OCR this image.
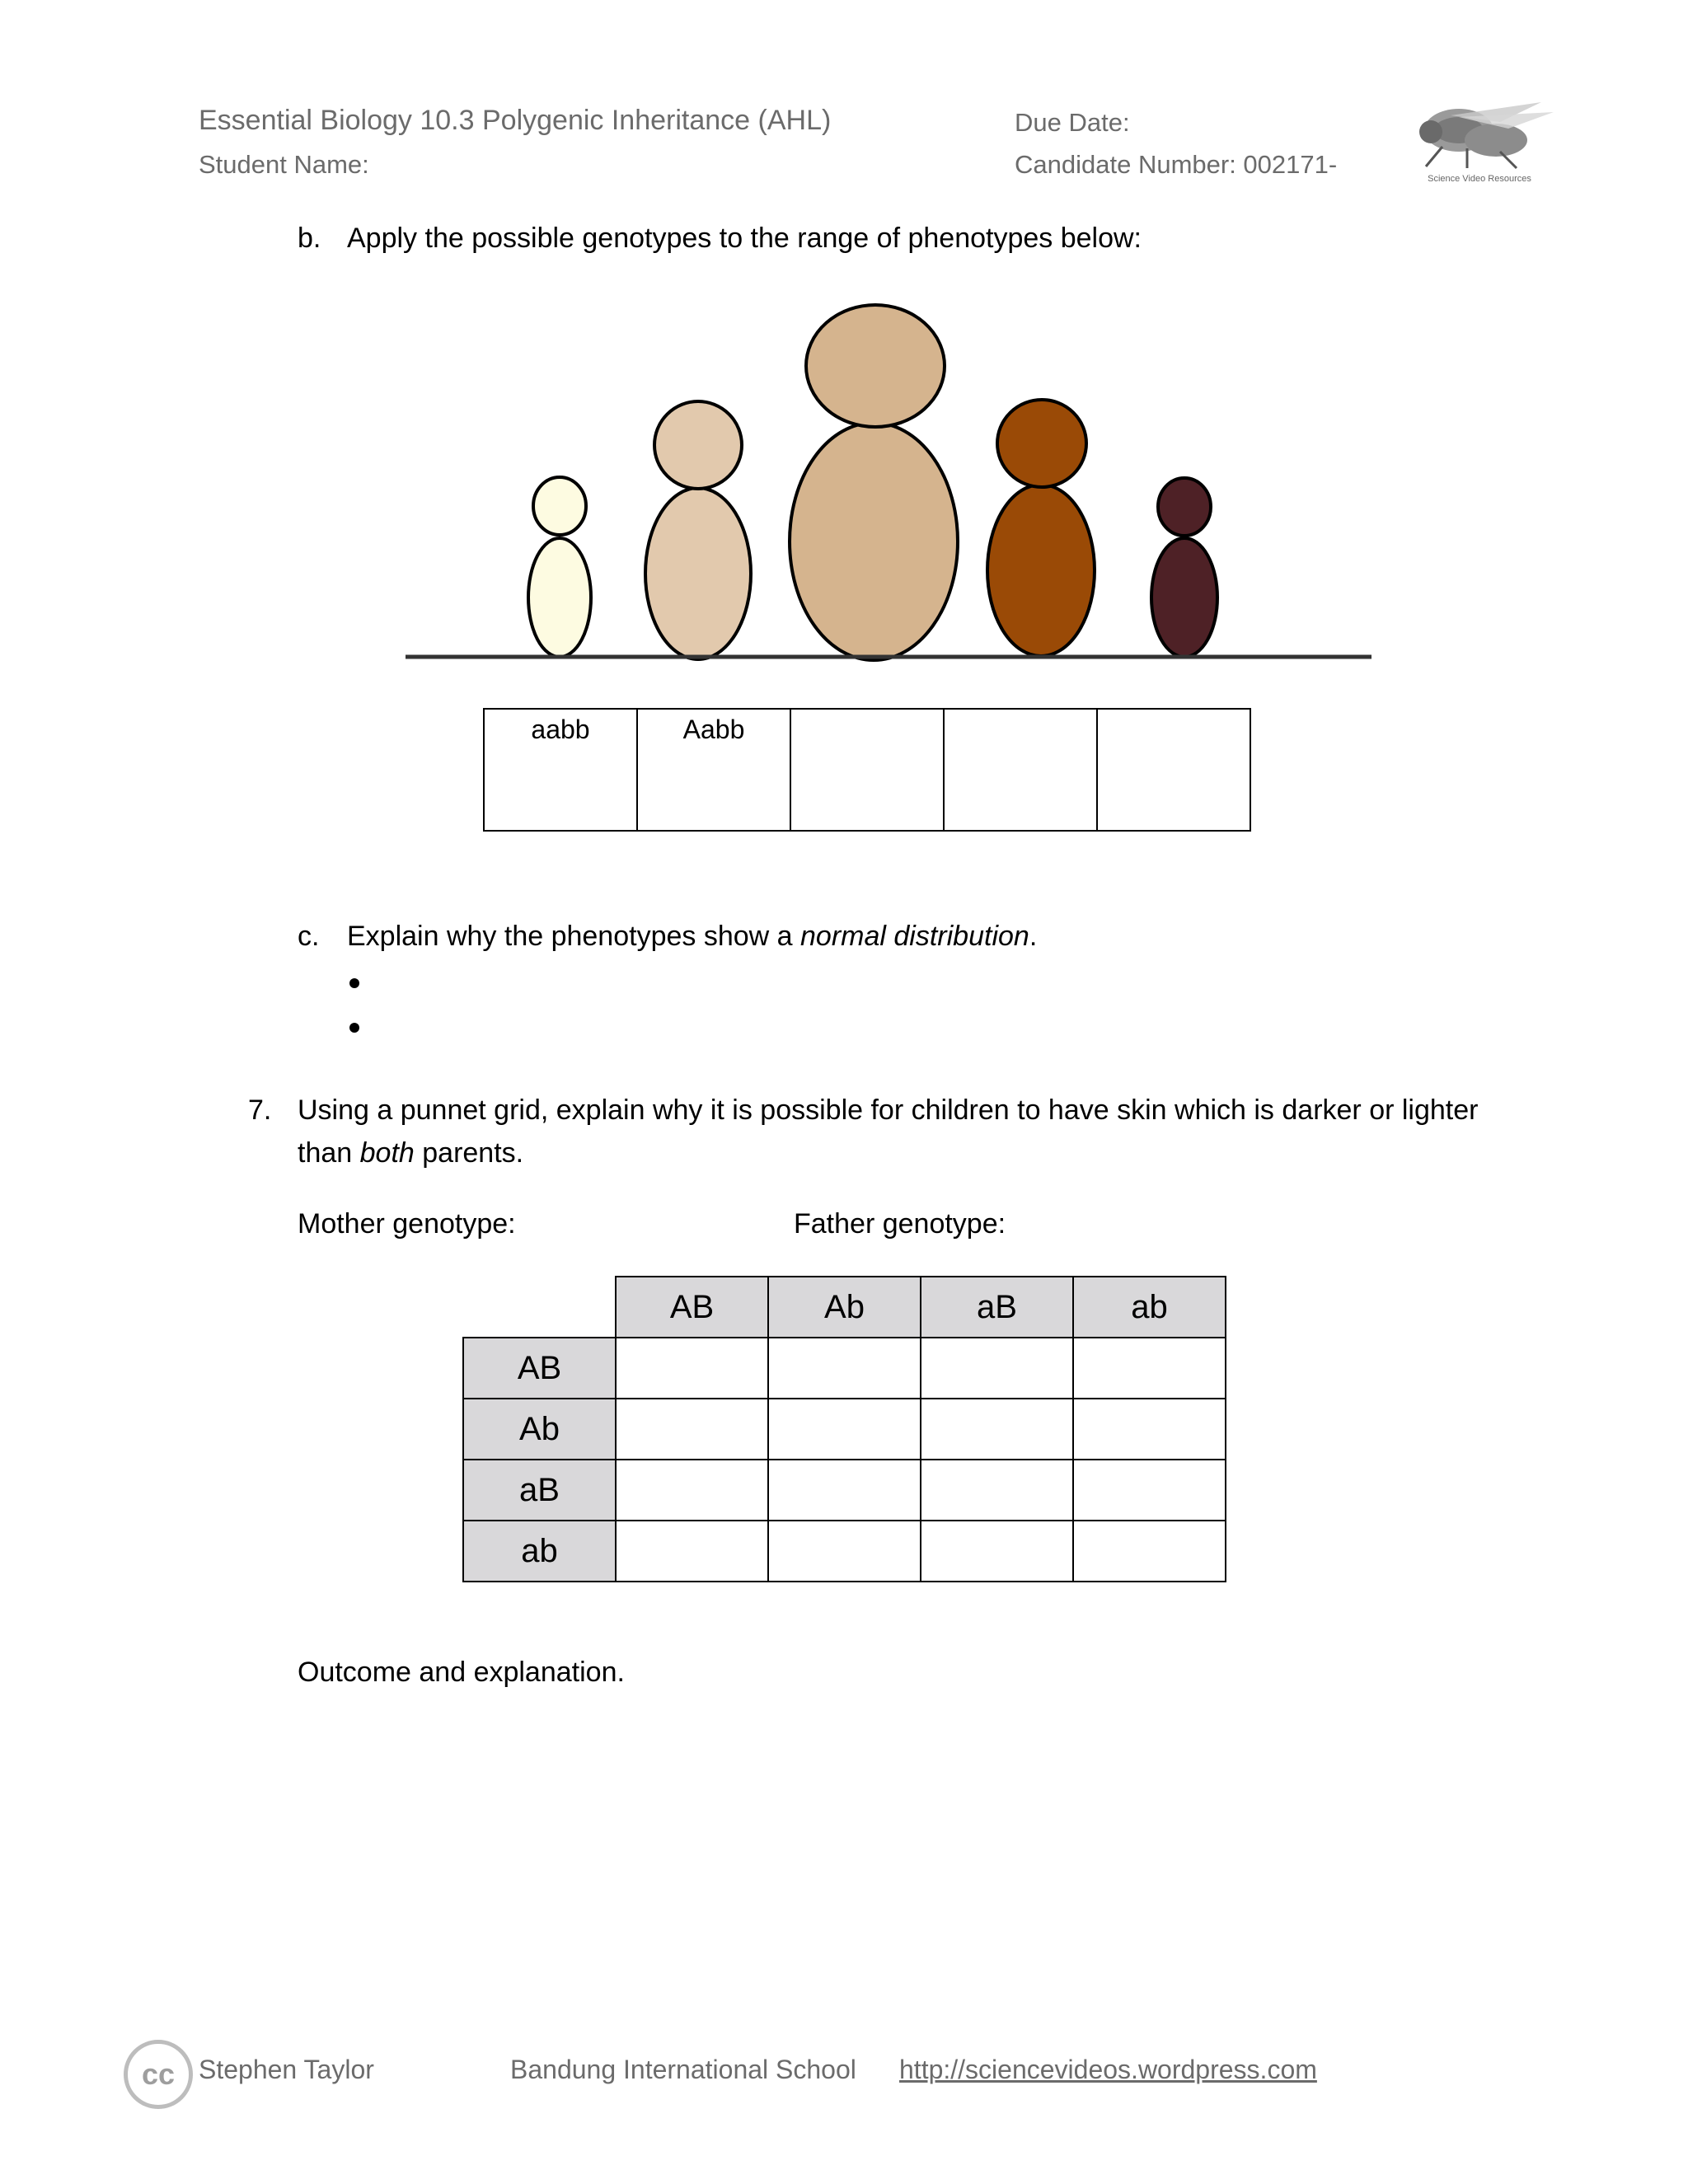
Essential Biology 10.3 Polygenic Inheritance (AHL)
Student Name:
Due Date:
Candidate Number: 002171-	Science Video Resources
b. Apply the possible genotypes to the range of phenotypes below:
aabb	Aabb			
c. Explain why the phenotypes show a normal distribution.
7. Using a punnet grid, explain why it is possible for children to have skin which is darker or lighter
than both parents.
Mother genotype:	Father genotype:
	AB	Ab	aB	ab
AB				
Ab				
aB				
ab				
Outcome and explanation.
cc Stephen Taylor	Bandung International School http://sciencevideos.wordpress.com
